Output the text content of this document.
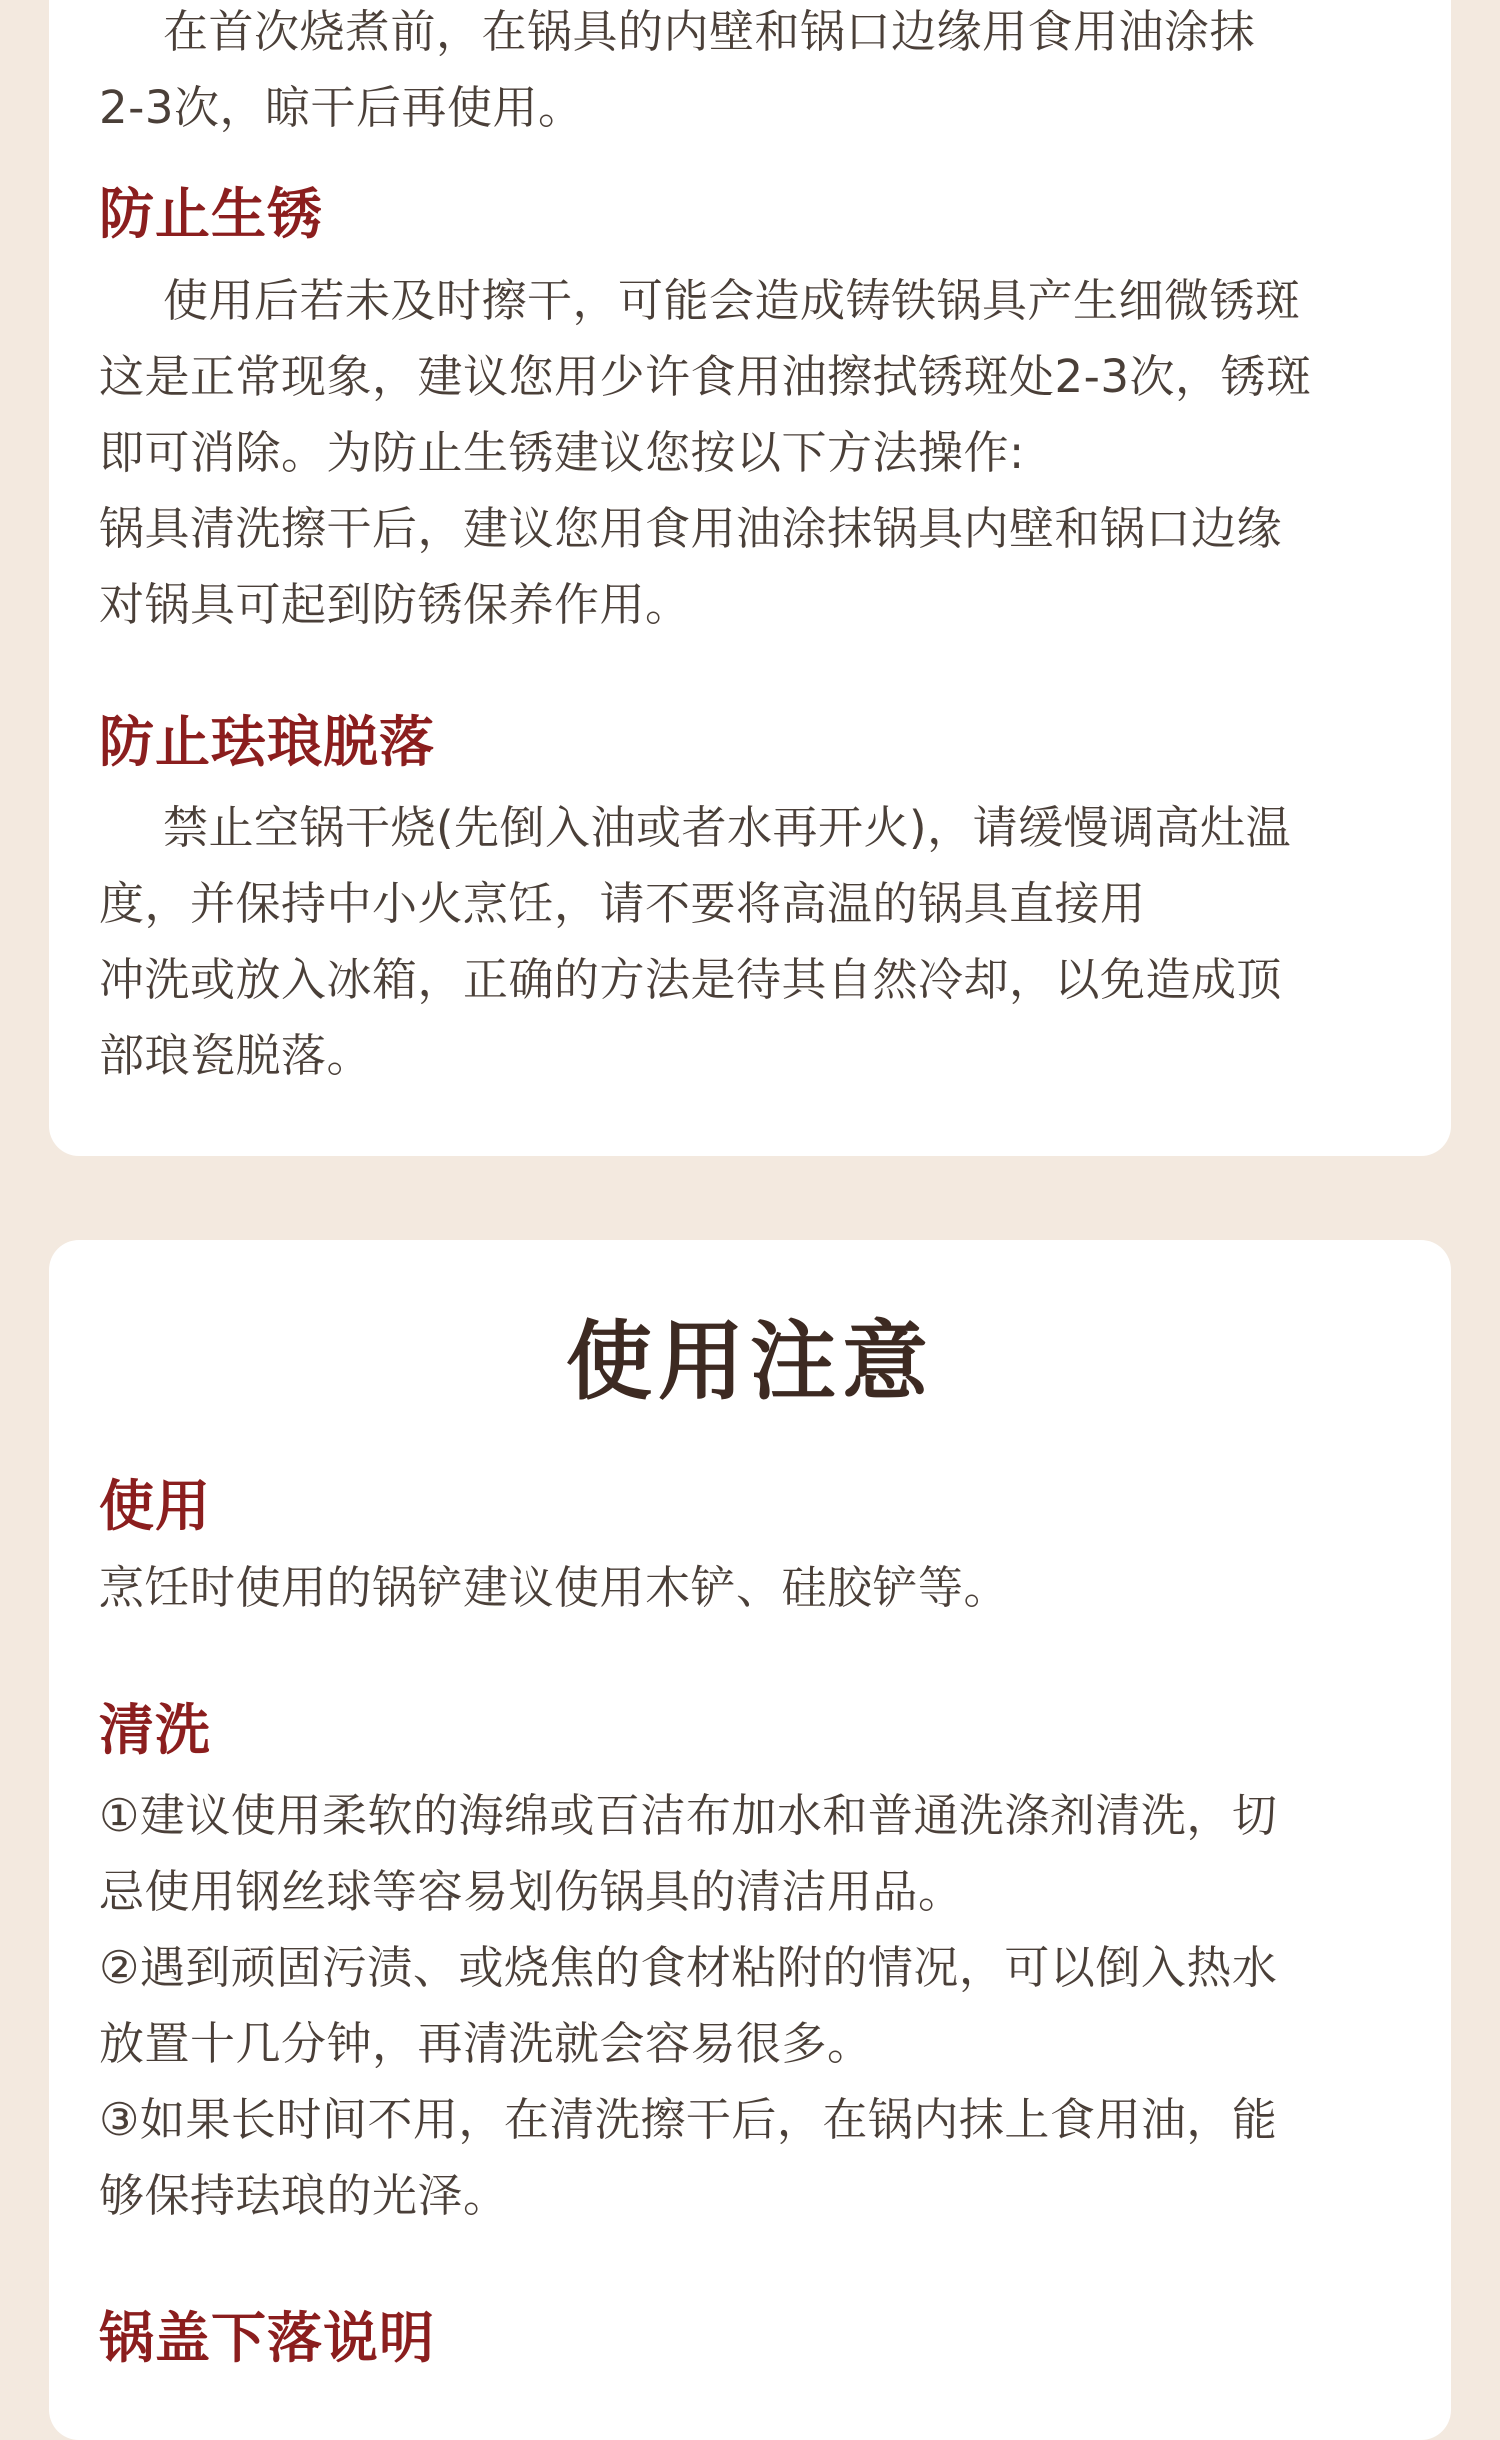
在首次烧煮前，在锅具的内壁和锅口边缘用食用油涂抹
2-3次，晾干后再使用。

防止生锈

使用后若未及时擦干，可能会造成铸铁锅具产生细微锈斑
这是正常现象，建议您用少许食用油擦拭锈斑处2-3次，锈斑
即可消除。为防止生锈建议您按以下方法操作:
锅具清洗擦干后，建议您用食用油涂抹锅具内壁和锅口边缘
对锅具可起到防锈保养作用。

防止珐琅脱落

禁止空锅干烧(先倒入油或者水再开火)，请缓慢调高灶温
度，并保持中小火烹饪，请不要将高温的锅具直接用
冲洗或放入冰箱，正确的方法是待其自然冷却，以免造成顶
部琅瓷脱落。

使用注意
使用

烹饪时使用的锅铲建议使用木铲、硅胶铲等。

清洗

①建议使用柔软的海绵或百洁布加水和普通洗涤剂清洗，切
忌使用钢丝球等容易划伤锅具的清洁用品。
②遇到顽固污渍、或烧焦的食材粘附的情况，可以倒入热水
放置十几分钟，再清洗就会容易很多。
③如果长时间不用，在清洗擦干后，在锅内抹上食用油，能
够保持珐琅的光泽。

锅盖下落说明
